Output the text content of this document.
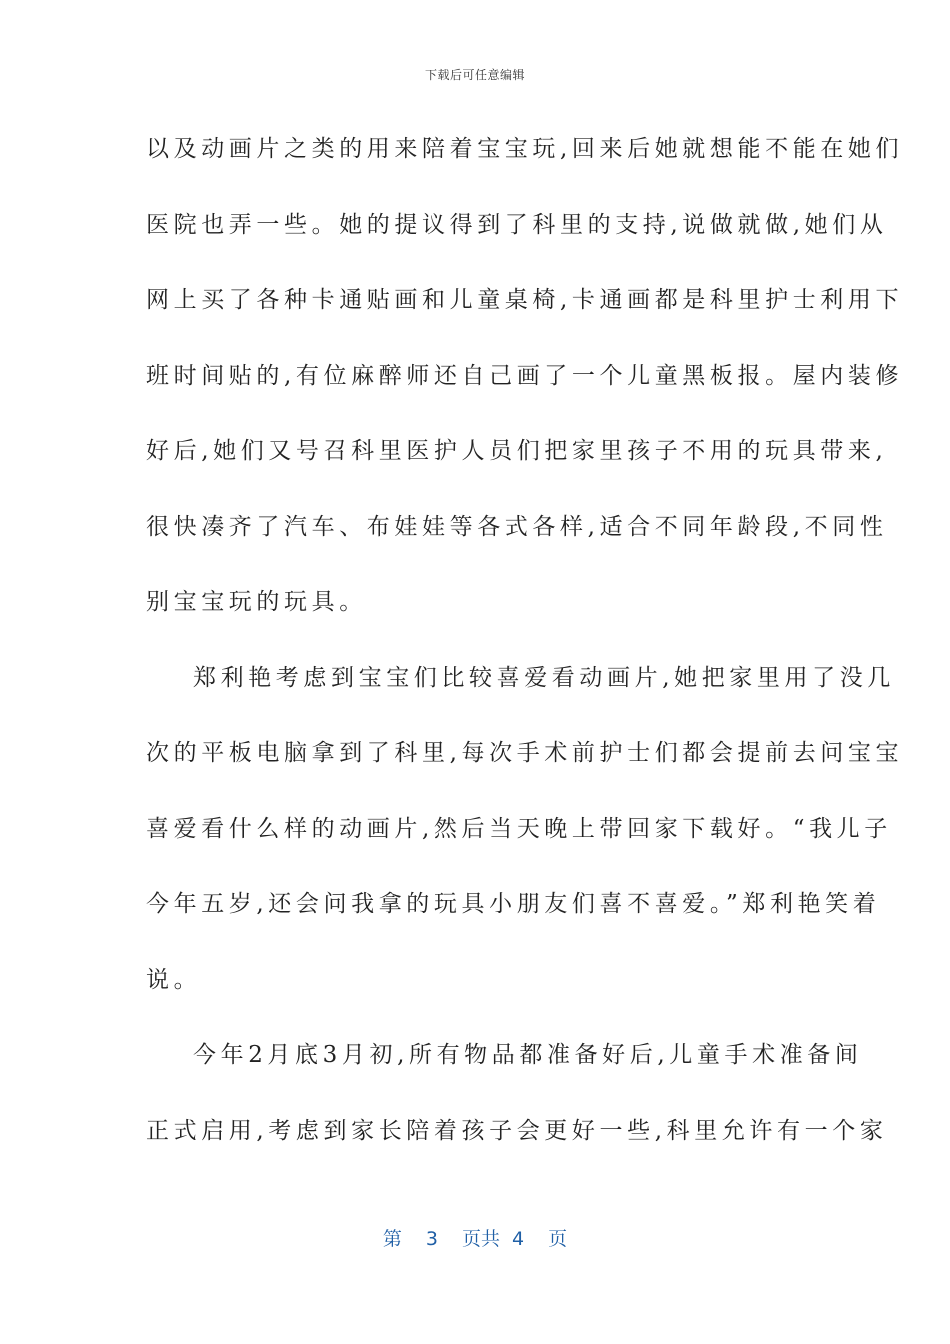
下载后可任意编辑
以及动画片之类的用来陪着宝宝玩,回来后她就想能不能在她们
医院也弄一些。她的提议得到了科里的支持,说做就做,她们从
网上买了各种卡通贴画和儿童桌椅,卡通画都是科里护士利用下
班时间贴的,有位麻醉师还自己画了一个儿童黑板报。屋内装修
好后,她们又号召科里医护人员们把家里孩子不用的玩具带来,
很快凑齐了汽车、布娃娃等各式各样,适合不同年龄段,不同性
别宝宝玩的玩具。
郑利艳考虑到宝宝们比较喜爱看动画片,她把家里用了没几
次的平板电脑拿到了科里,每次手术前护士们都会提前去问宝宝
喜爱看什么样的动画片,然后当天晚上带回家下载好。“我儿子
今年五岁,还会问我拿的玩具小朋友们喜不喜爱。”郑利艳笑着
说。
今年2月底3月初,所有物品都准备好后,儿童手术准备间
正式启用,考虑到家长陪着孩子会更好一些,科里允许有一个家
第 3 页共 4 页
